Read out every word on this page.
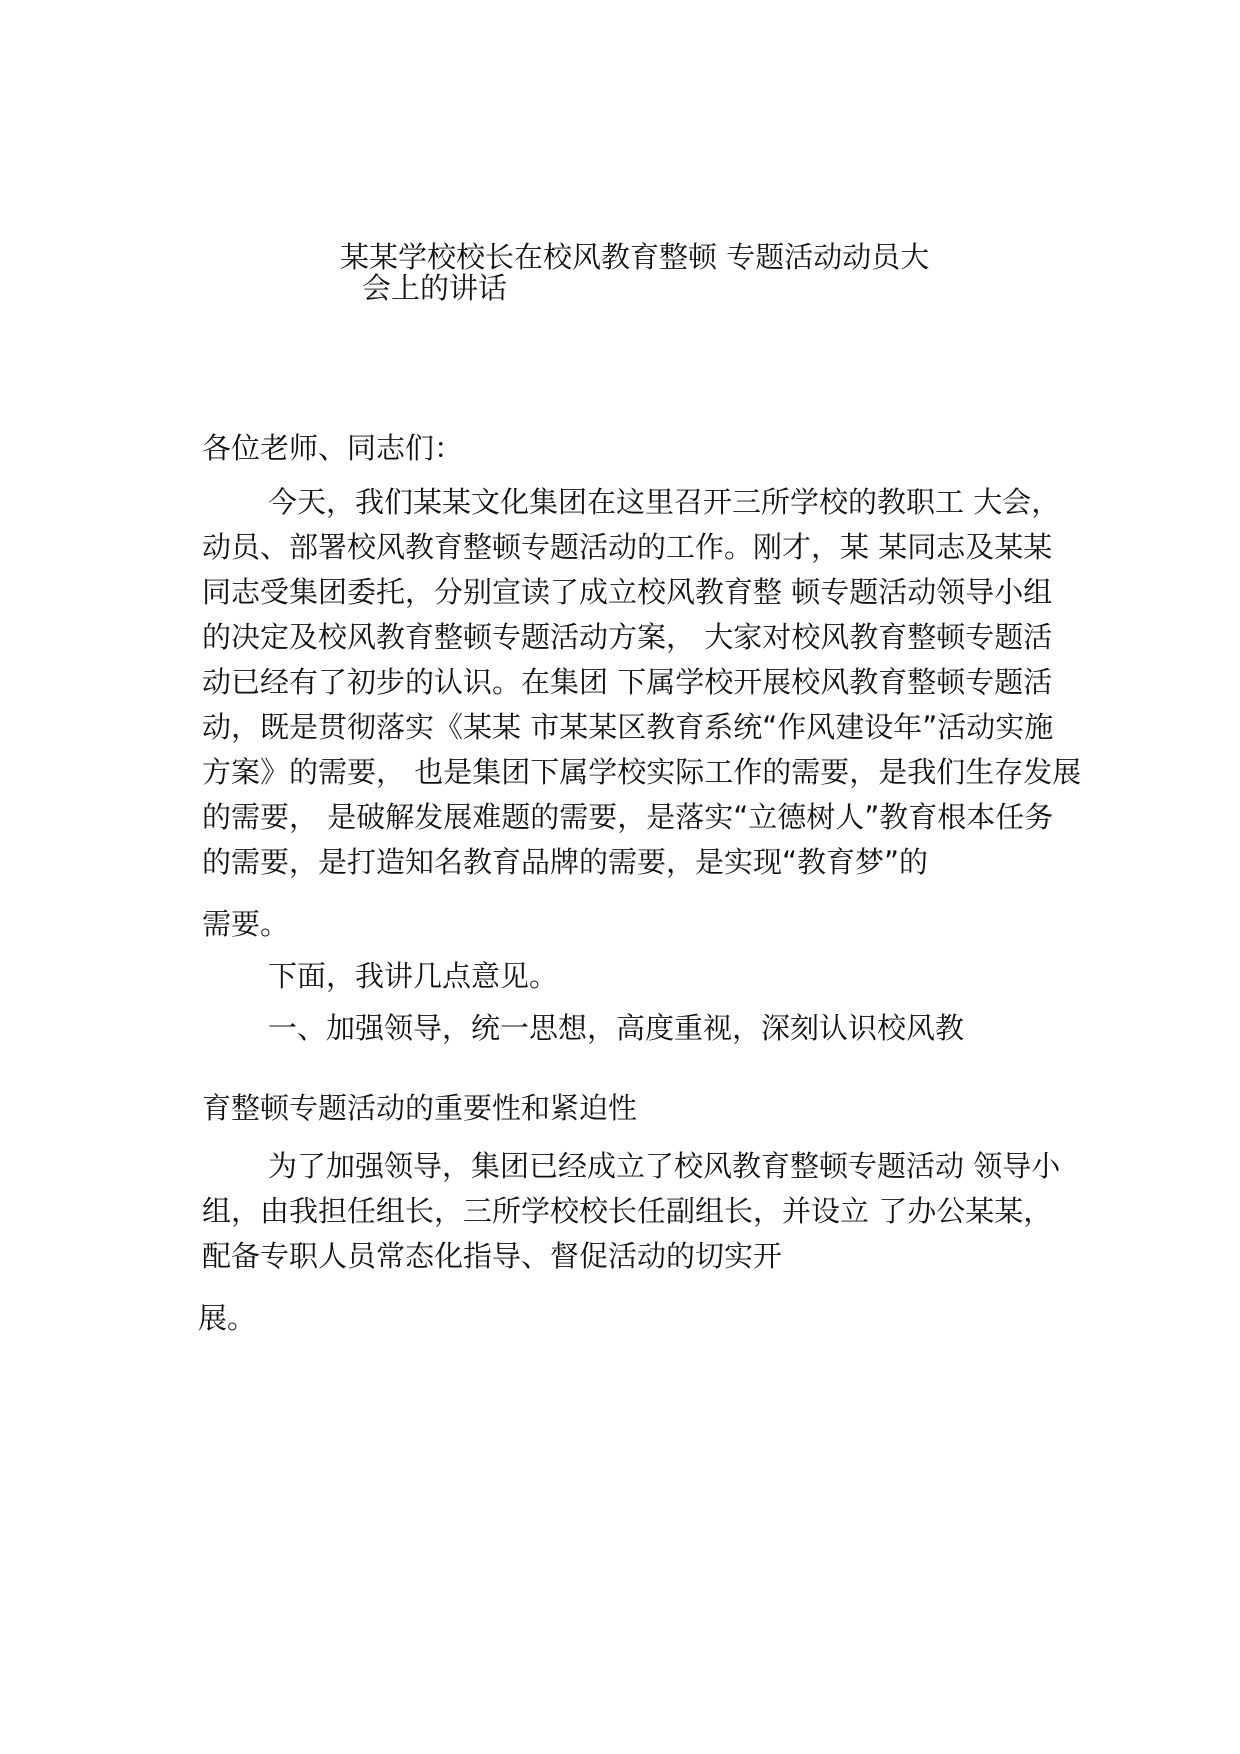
某某学校校长在校风教育整顿 专题活动动员大
会上的讲话
各位老师、同志们：
今天，我们某某文化集团在这里召开三所学校的教职工 大会，
动员、部署校风教育整顿专题活动的工作。刚才，某 某同志及某某
同志受集团委托，分别宣读了成立校风教育整 顿专题活动领导小组
的决定及校风教育整顿专题活动方案， 大家对校风教育整顿专题活
动已经有了初步的认识。在集团 下属学校开展校风教育整顿专题活
动，既是贯彻落实《某某 市某某区教育系统“作风建设年”活动实施
方案》的需要， 也是集团下属学校实际工作的需要，是我们生存发展
的需要， 是破解发展难题的需要，是落实“立德树人”教育根本任务
的需要，是打造知名教育品牌的需要，是实现“教育梦”的
需要。
下面，我讲几点意见。
一、加强领导，统一思想，高度重视，深刻认识校风教
育整顿专题活动的重要性和紧迫性
为了加强领导，集团已经成立了校风教育整顿专题活动 领导小
组，由我担任组长，三所学校校长任副组长，并设立 了办公某某，
配备专职人员常态化指导、督促活动的切实开
展。
